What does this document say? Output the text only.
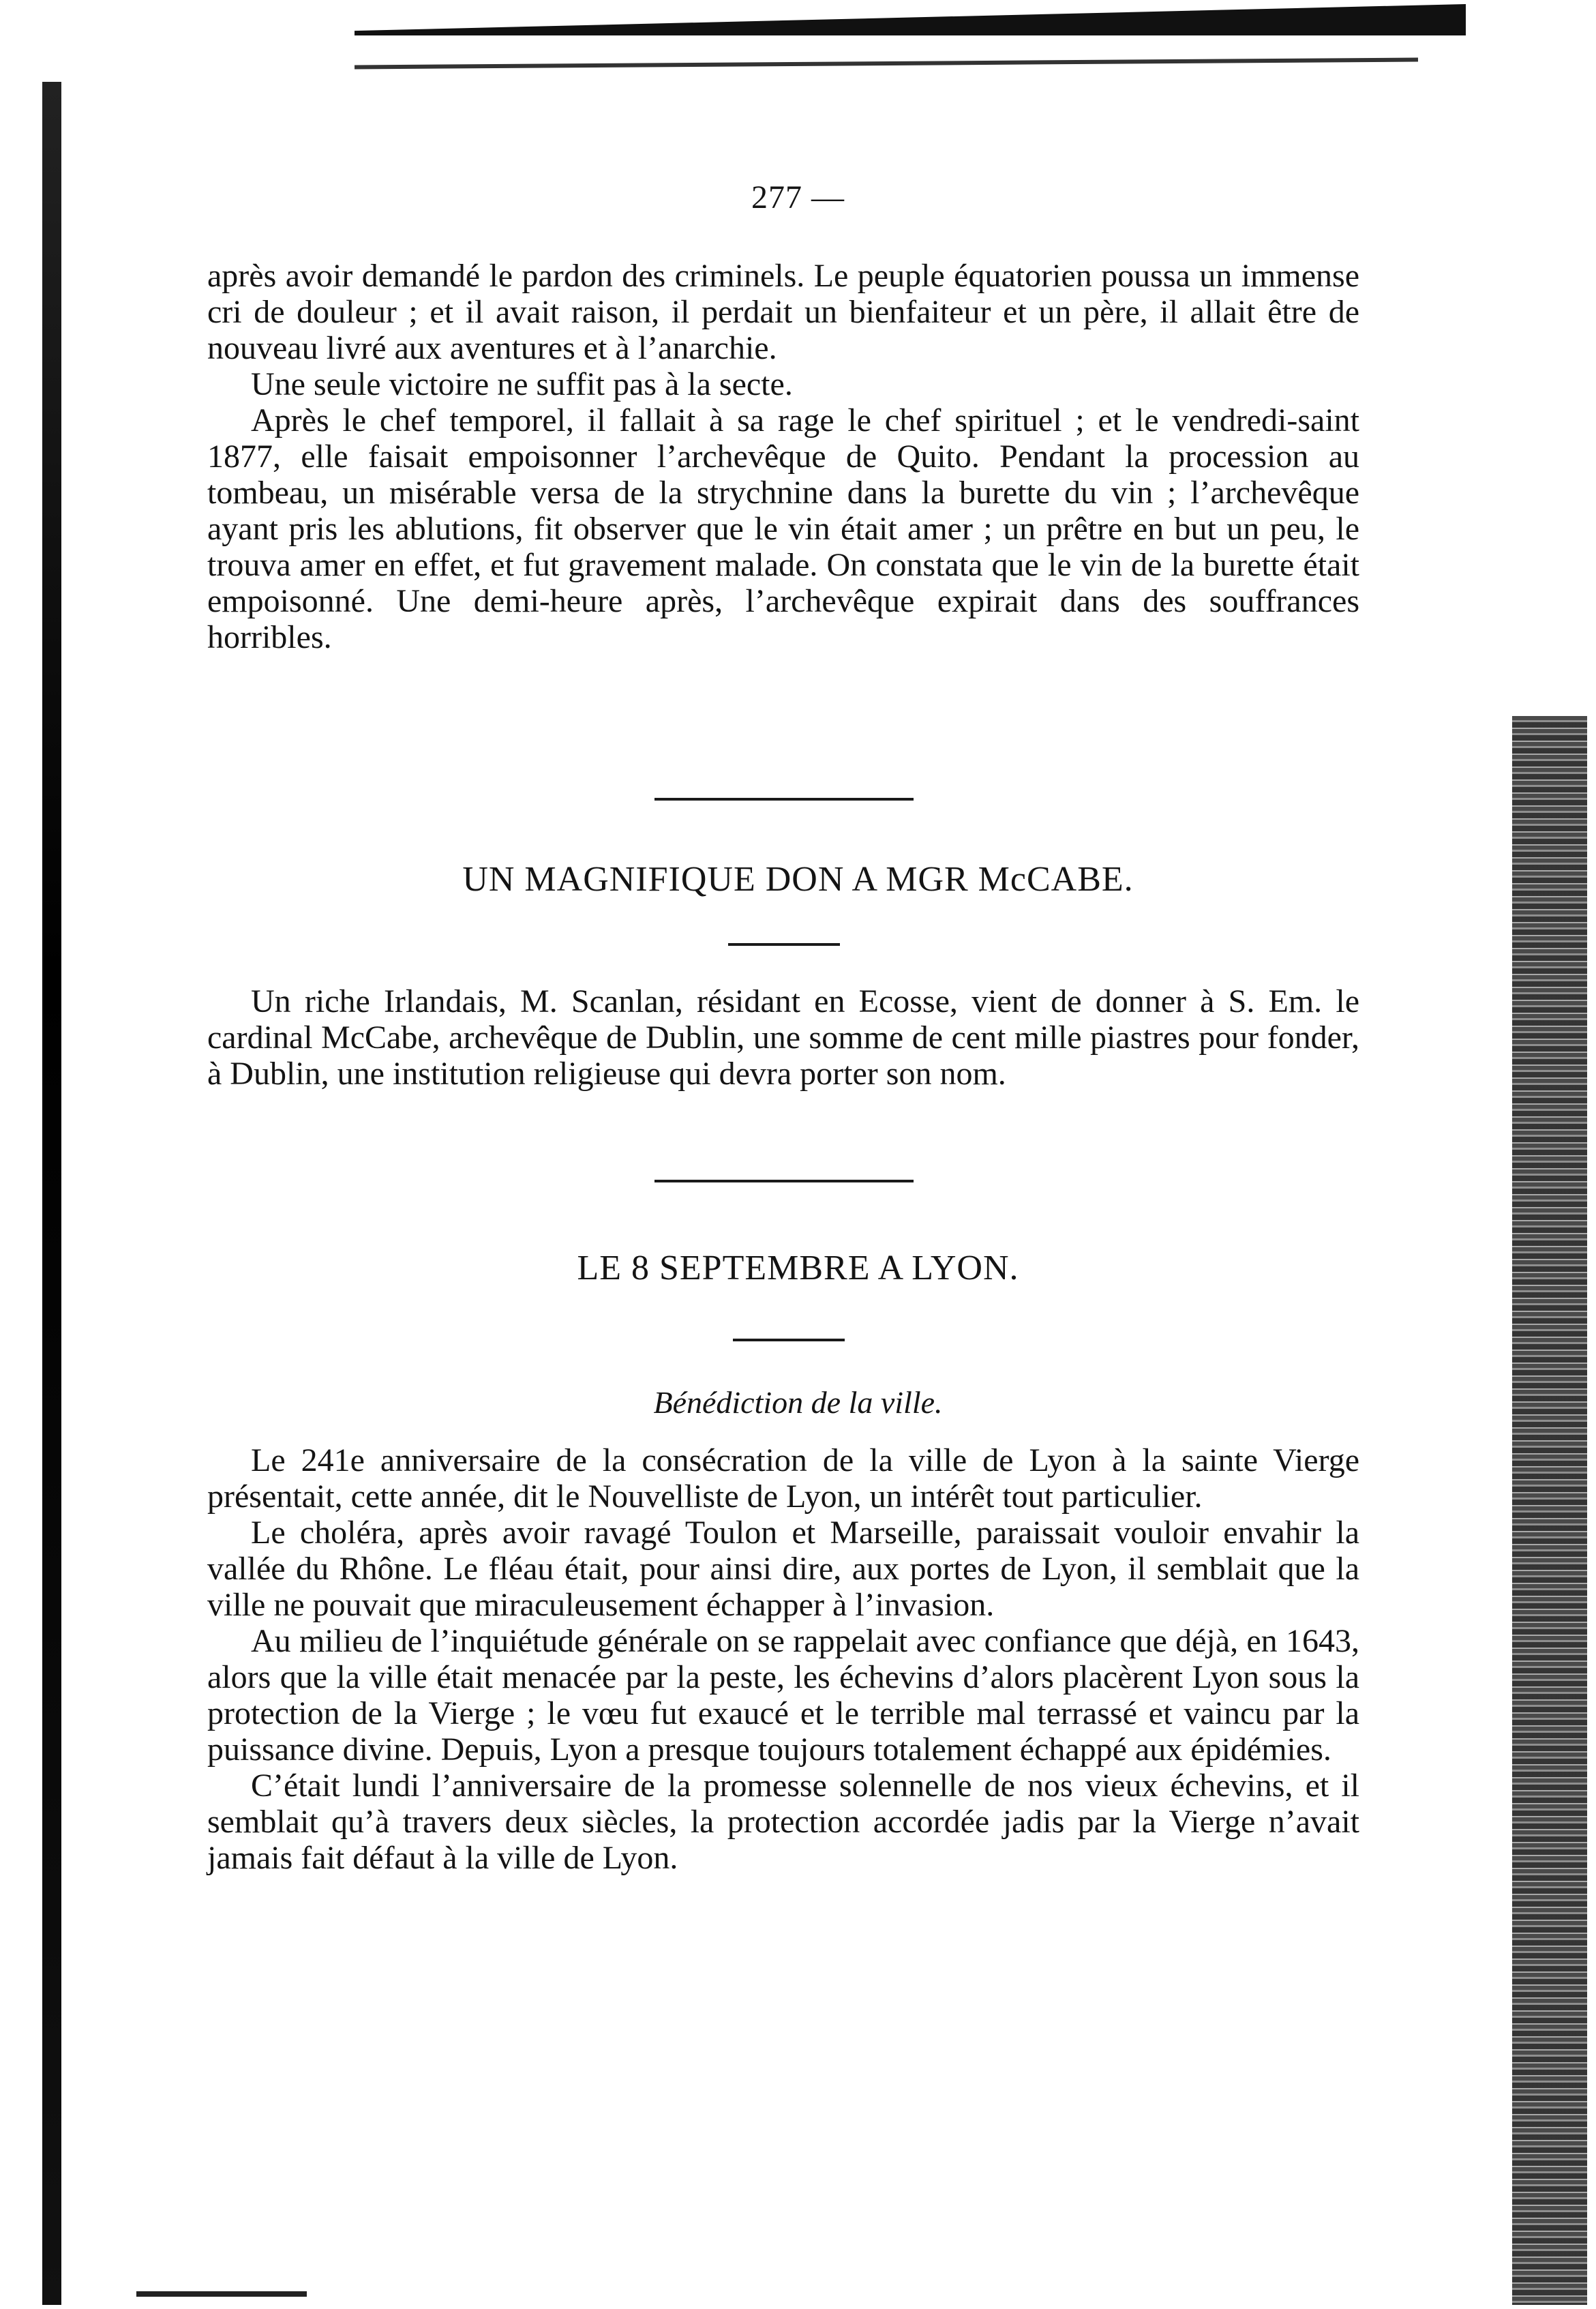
277 —

après avoir demandé le pardon des criminels. Le peuple équatorien poussa un immense cri de douleur ; et il avait raison, il perdait un bienfaiteur et un père, il allait être de nouveau livré aux aventures et à l’anarchie.

Une seule victoire ne suffit pas à la secte.

Après le chef temporel, il fallait à sa rage le chef spirituel ; et le vendredi-saint 1877, elle faisait empoisonner l’archevêque de Quito. Pendant la procession au tombeau, un misérable versa de la strychnine dans la burette du vin ; l’archevêque ayant pris les ablutions, fit observer que le vin était amer ; un prêtre en but un peu, le trouva amer en effet, et fut gravement malade. On constata que le vin de la burette était empoisonné. Une demi-heure après, l’archevêque expirait dans des souffrances horribles.

UN MAGNIFIQUE DON A MGR McCABE.

Un riche Irlandais, M. Scanlan, résidant en Ecosse, vient de donner à S. Em. le cardinal McCabe, archevêque de Dublin, une somme de cent mille piastres pour fonder, à Dublin, une institution religieuse qui devra porter son nom.

LE 8 SEPTEMBRE A LYON.
Bénédiction de la ville.

Le 241e anniversaire de la consécration de la ville de Lyon à la sainte Vierge présentait, cette année, dit le Nouvelliste de Lyon, un intérêt tout particulier.

Le choléra, après avoir ravagé Toulon et Marseille, paraissait vouloir envahir la vallée du Rhône. Le fléau était, pour ainsi dire, aux portes de Lyon, il semblait que la ville ne pouvait que miraculeusement échapper à l’invasion.

Au milieu de l’inquiétude générale on se rappelait avec confiance que déjà, en 1643, alors que la ville était menacée par la peste, les échevins d’alors placèrent Lyon sous la protection de la Vierge ; le vœu fut exaucé et le terrible mal terrassé et vaincu par la puissance divine. Depuis, Lyon a presque toujours totalement échappé aux épidémies.

C’était lundi l’anniversaire de la promesse solennelle de nos vieux échevins, et il semblait qu’à travers deux siècles, la protection accordée jadis par la Vierge n’avait jamais fait défaut à la ville de Lyon.
